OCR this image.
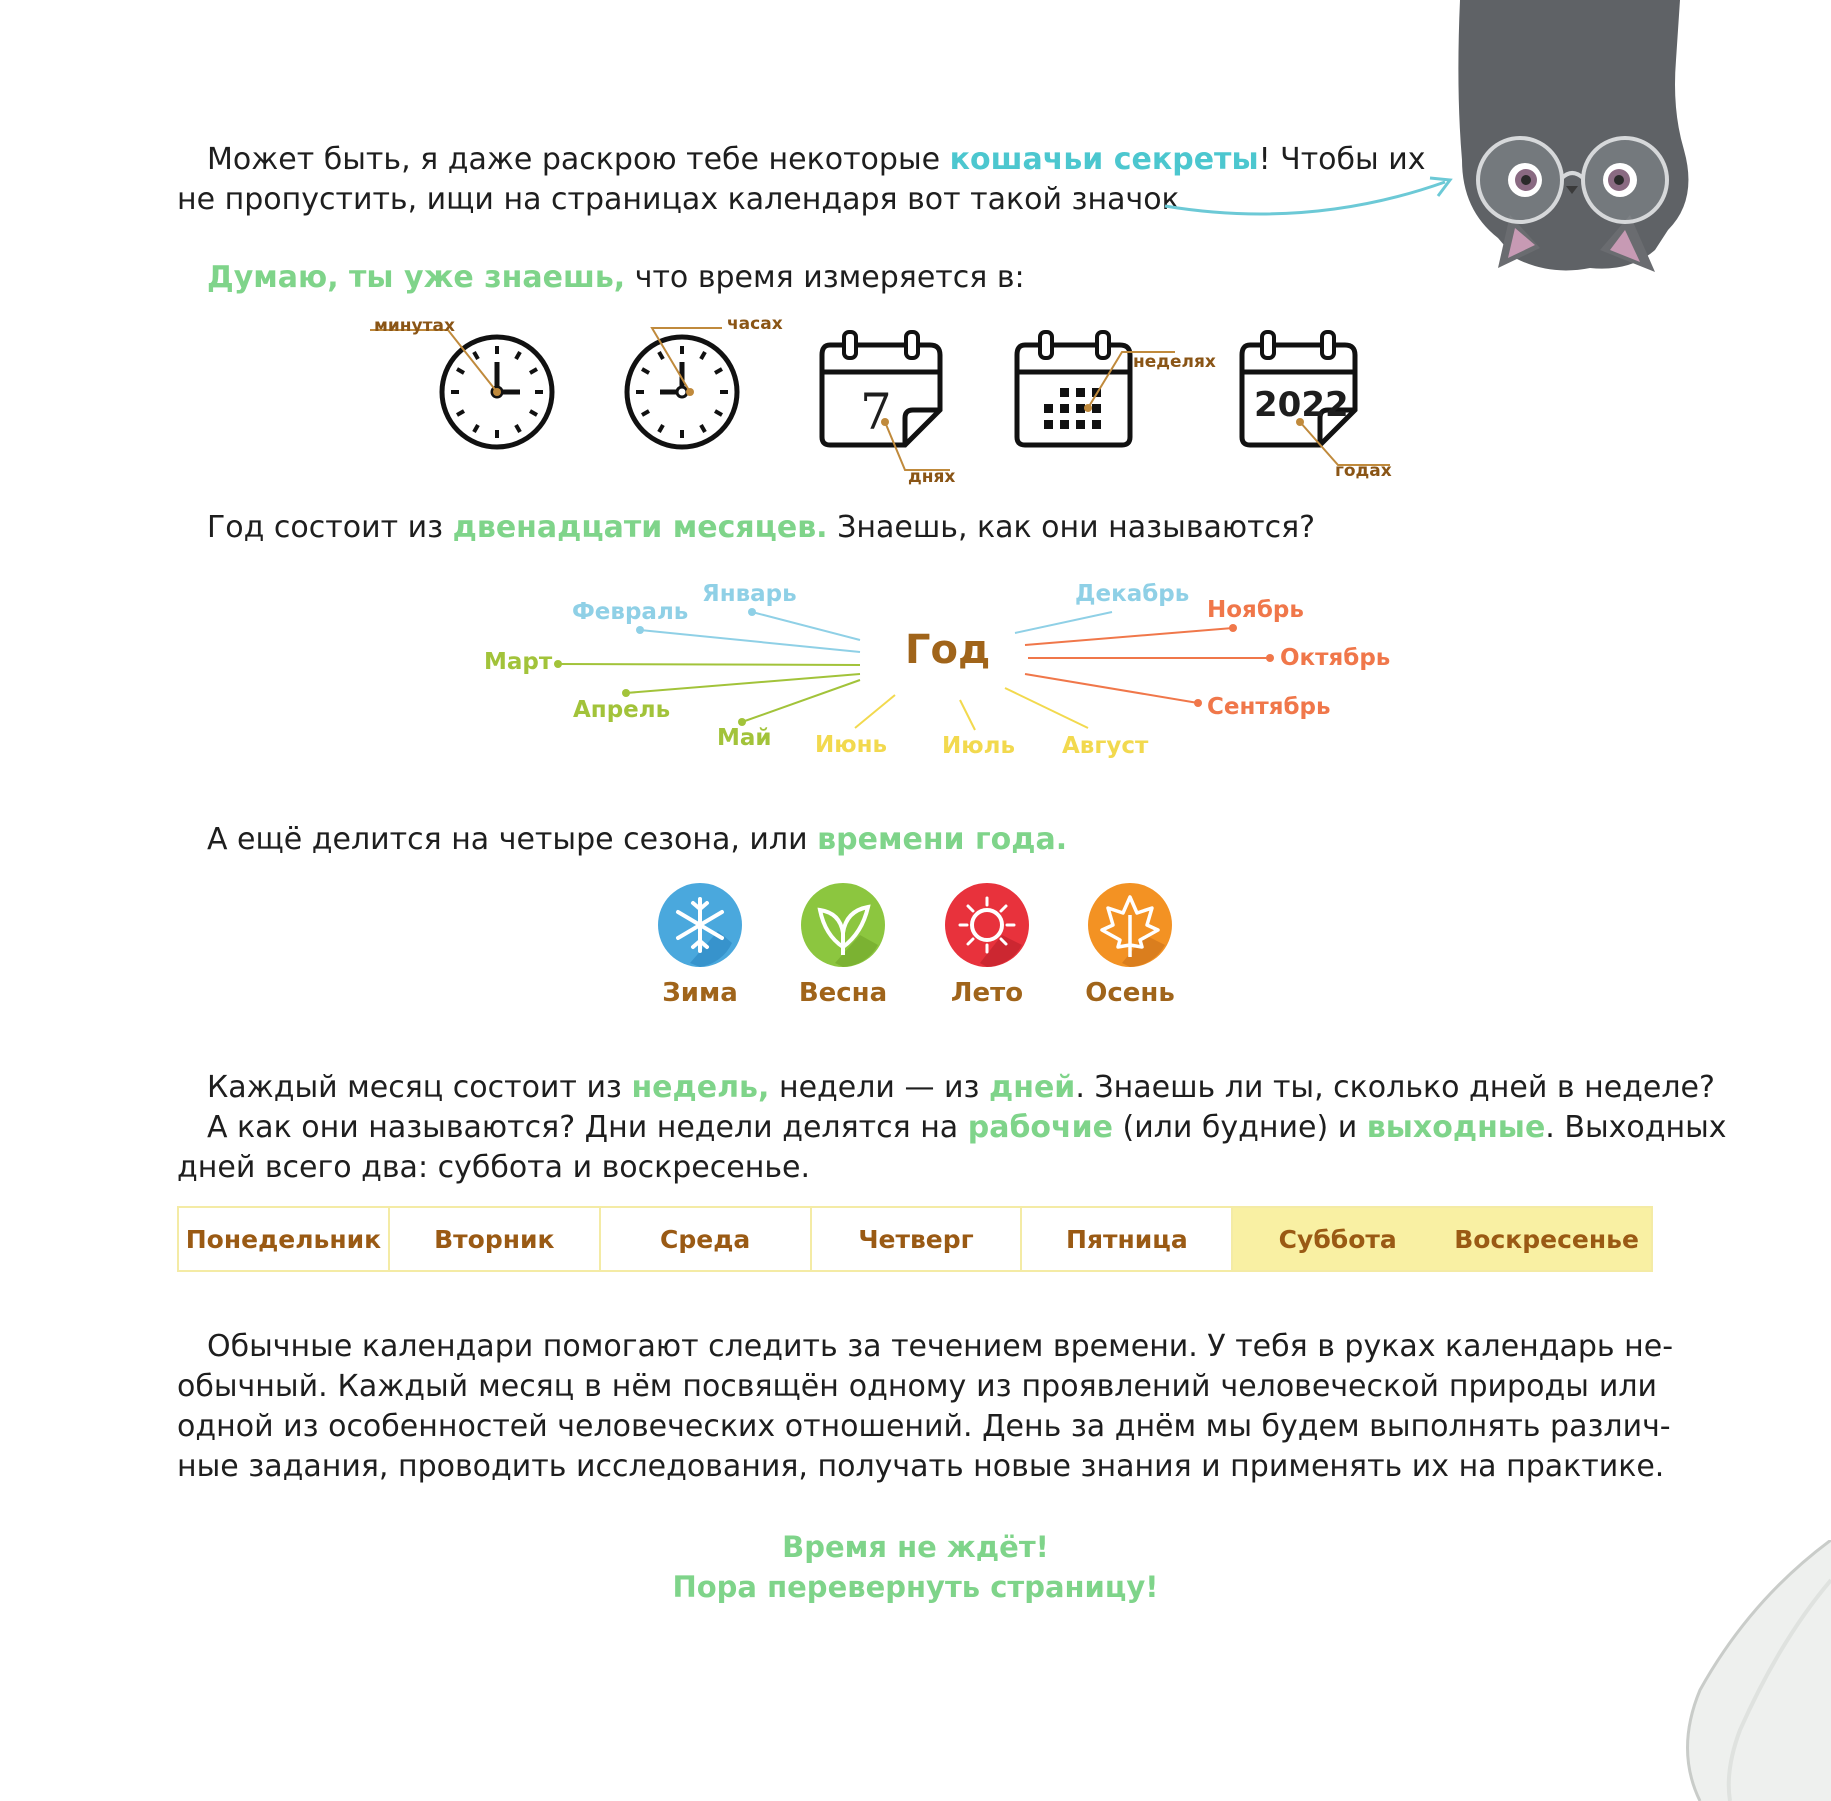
Может быть, я даже раскрою тебе некоторые кошачьи секреты! Чтобы их
не пропустить, ищи на страницах календаря вот такой значок
Думаю, ты уже знаешь, что время измеряется в:
7	2022
минутах	часах
днях
неделях
годах
Год состоит из двенадцати месяцев. Знаешь, как они называются?
Год
Январь
Февраль
Март
Апрель
Май Июнь Июль Август
Сентябрь
Октябрь
Ноябрь
Декабрь
А ещё делится на четыре сезона, или времени года.
Зима	Весна	Лето	Осень
Каждый месяц состоит из недель, недели — из дней. Знаешь ли ты, сколько дней в неделе?
А как они называются? Дни недели делятся на рабочие (или будние) и выходные. Выходных
дней всего два: суббота и воскресенье.
Понедельник	Вторник	Среда	Четверг	Пятница	Суббота	Воскресенье
Обычные календари помогают следить за течением времени. У тебя в руках календарь не-
обычный. Каждый месяц в нём посвящён одному из проявлений человеческой природы или
одной из особенностей человеческих отношений. День за днём мы будем выполнять различ-
ные задания, проводить исследования, получать новые знания и применять их на практике.
Время не ждёт!
Пора перевернуть страницу!
